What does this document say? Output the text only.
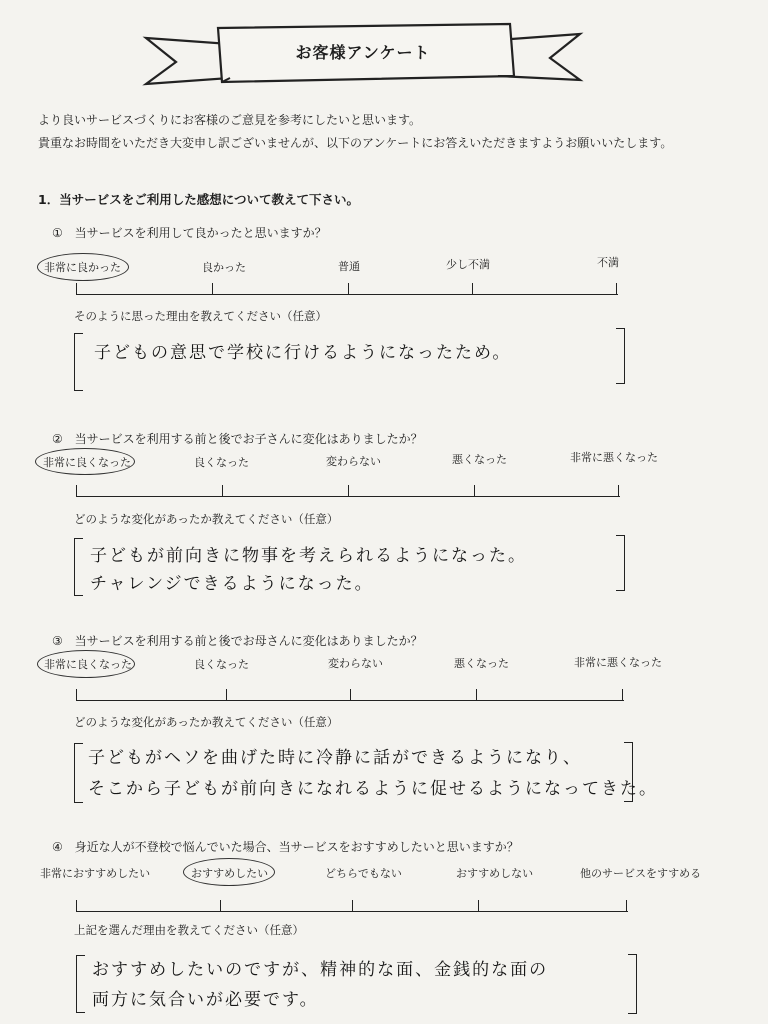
お客様アンケート
より良いサービスづくりにお客様のご意見を参考にしたいと思います。
貴重なお時間をいただき大変申し訳ございませんが、以下のアンケートにお答えいただきますようお願いいたします。
1．当サービスをご利用した感想について教えて下さい。
① 当サービスを利用して良かったと思いますか？
非常に良かった	良かった	普通	少し不満	不満
そのように思った理由を教えてください（任意）
子どもの意思で学校に行けるようになったため。
② 当サービスを利用する前と後でお子さんに変化はありましたか？
非常に良くなった	良くなった	変わらない	悪くなった	非常に悪くなった
どのような変化があったか教えてください（任意）
子どもが前向きに物事を考えられるようになった。
チャレンジできるようになった。
③ 当サービスを利用する前と後でお母さんに変化はありましたか？
非常に良くなった	良くなった	変わらない	悪くなった	非常に悪くなった
どのような変化があったか教えてください（任意）
子どもがヘソを曲げた時に冷静に話ができるようになり、
そこから子どもが前向きになれるように促せるようになってきた。
④ 身近な人が不登校で悩んでいた場合、当サービスをおすすめしたいと思いますか？
非常におすすめしたい	おすすめしたい	どちらでもない	おすすめしない	他のサービスをすすめる
上記を選んだ理由を教えてください（任意）
おすすめしたいのですが、精神的な面、金銭的な面の
両方に気合いが必要です。
